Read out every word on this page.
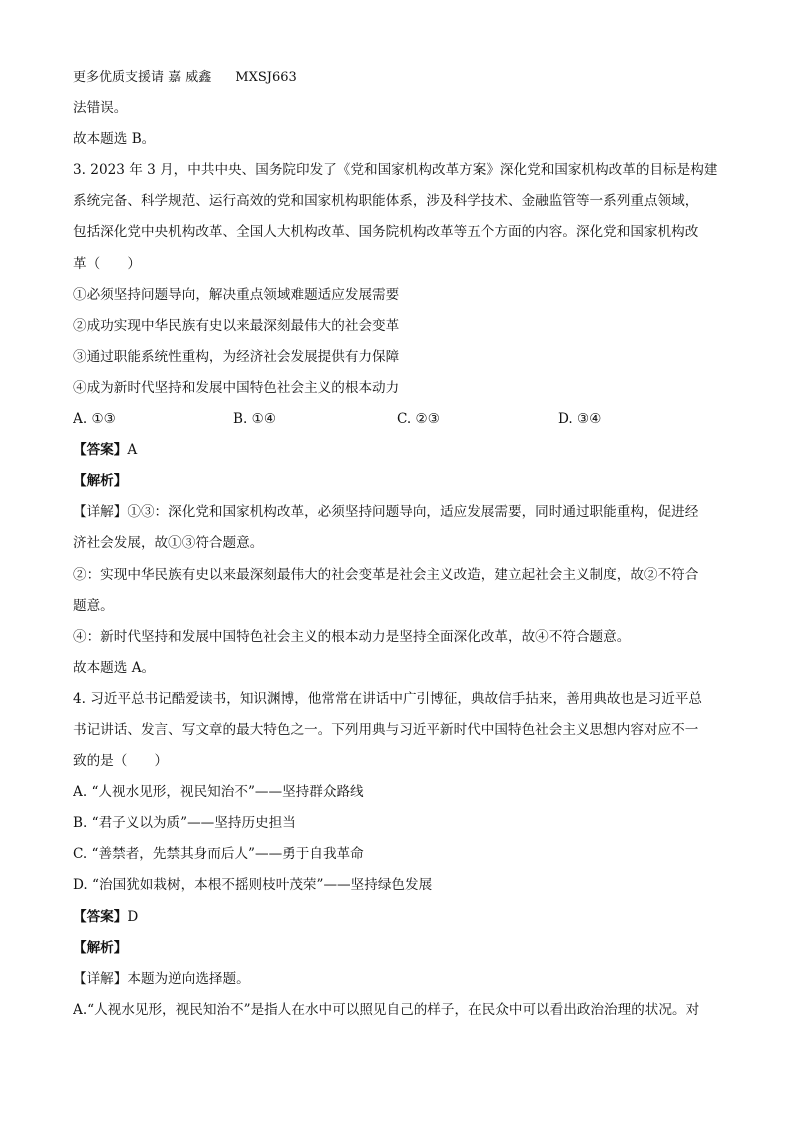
更多优质支援请 嘉 威鑫 MXSJ663
法错误。
故本题选 B。
3. 2023 年 3 月，中共中央、国务院印发了《党和国家机构改革方案》深化党和国家机构改革的目标是构建
系统完备、科学规范、运行高效的党和国家机构职能体系，涉及科学技术、金融监管等一系列重点领域，
包括深化党中央机构改革、全国人大机构改革、国务院机构改革等五个方面的内容。深化党和国家机构改
革（　　）
①必须坚持问题导向，解决重点领域难题适应发展需要
②成功实现中华民族有史以来最深刻最伟大的社会变革
③通过职能系统性重构，为经济社会发展提供有力保障
④成为新时代坚持和发展中国特色社会主义的根本动力
A. ①③	B. ①④	C. ②③	D. ③④
【答案】A
【解析】
【详解】①③：深化党和国家机构改革，必须坚持问题导向，适应发展需要，同时通过职能重构，促进经
济社会发展，故①③符合题意。
②：实现中华民族有史以来最深刻最伟大的社会变革是社会主义改造，建立起社会主义制度，故②不符合
题意。
④：新时代坚持和发展中国特色社会主义的根本动力是坚持全面深化改革，故④不符合题意。
故本题选 A。
4. 习近平总书记酷爱读书，知识渊博，他常常在讲话中广引博征，典故信手拈来，善用典故也是习近平总
书记讲话、发言、写文章的最大特色之一。下列用典与习近平新时代中国特色社会主义思想内容对应不一
致的是（　　）
A. “人视水见形，视民知治不”——坚持群众路线
B. “君子义以为质”——坚持历史担当
C. “善禁者，先禁其身而后人”——勇于自我革命
D. “治国犹如栽树，本根不摇则枝叶茂荣”——坚持绿色发展
【答案】D
【解析】
【详解】本题为逆向选择题。
A.“人视水见形，视民知治不”是指人在水中可以照见自己的样子，在民众中可以看出政治治理的状况。对
